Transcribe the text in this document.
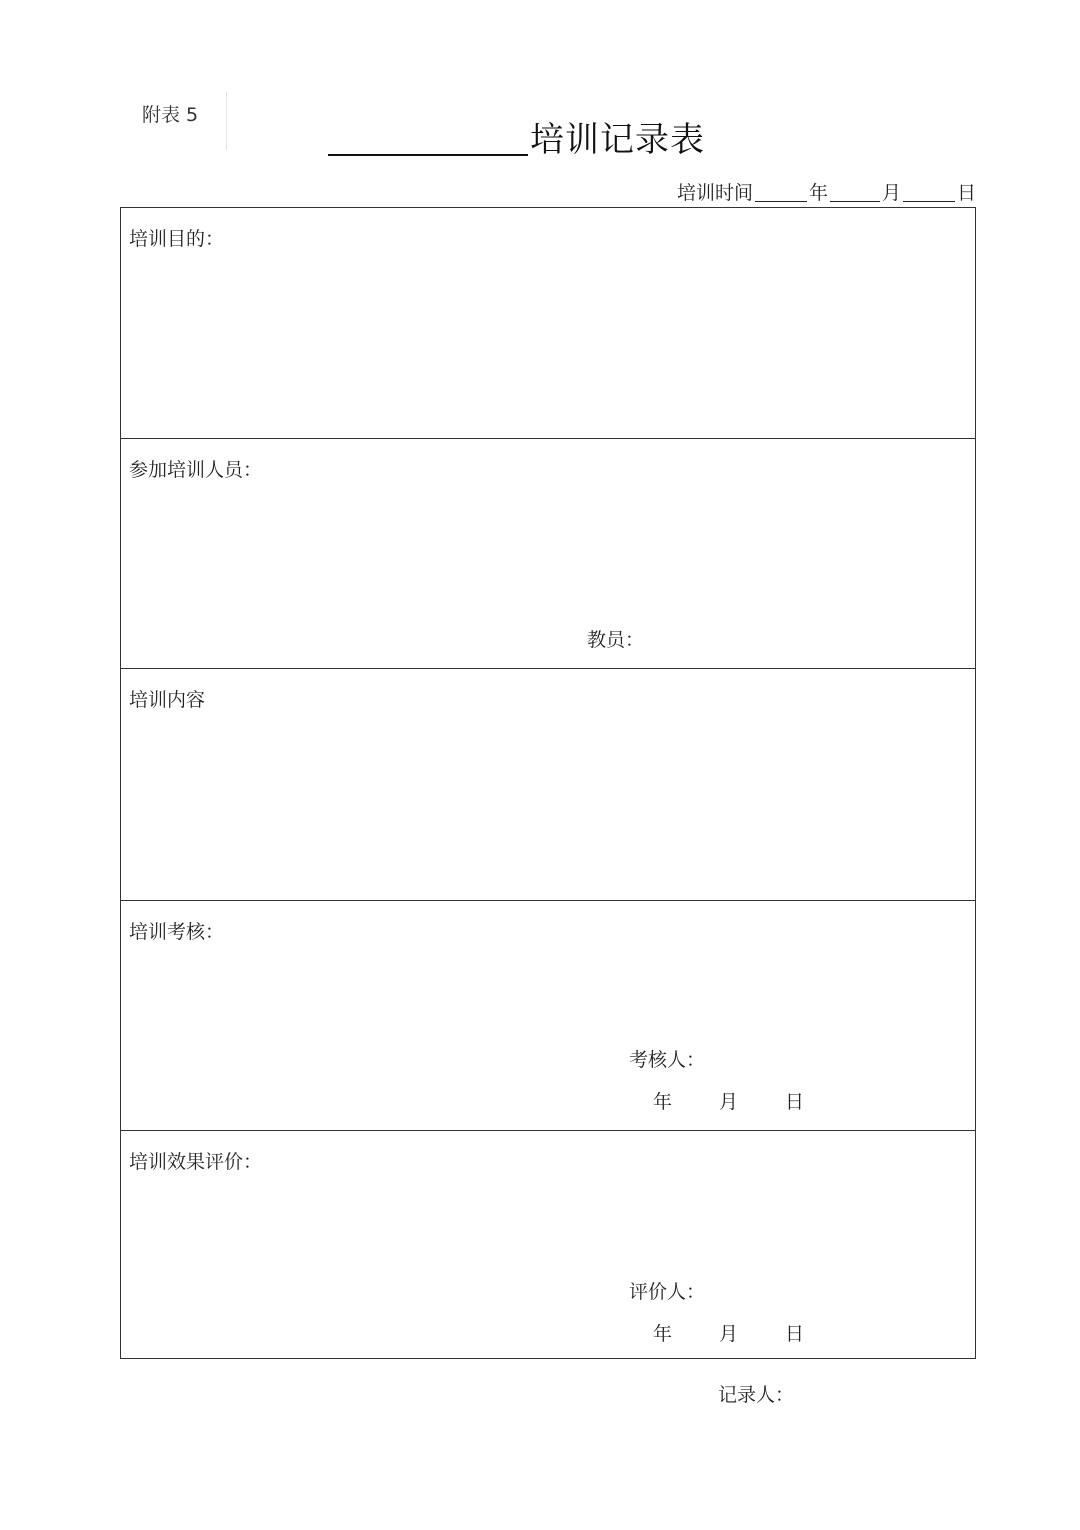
附表 5
培训记录表
培训时间	年	月	日
培训目的：
参加培训人员：
教员：
培训内容
培训考核：
考核人：
年 月 日
培训效果评价：
评价人：
年 月 日
记录人：
